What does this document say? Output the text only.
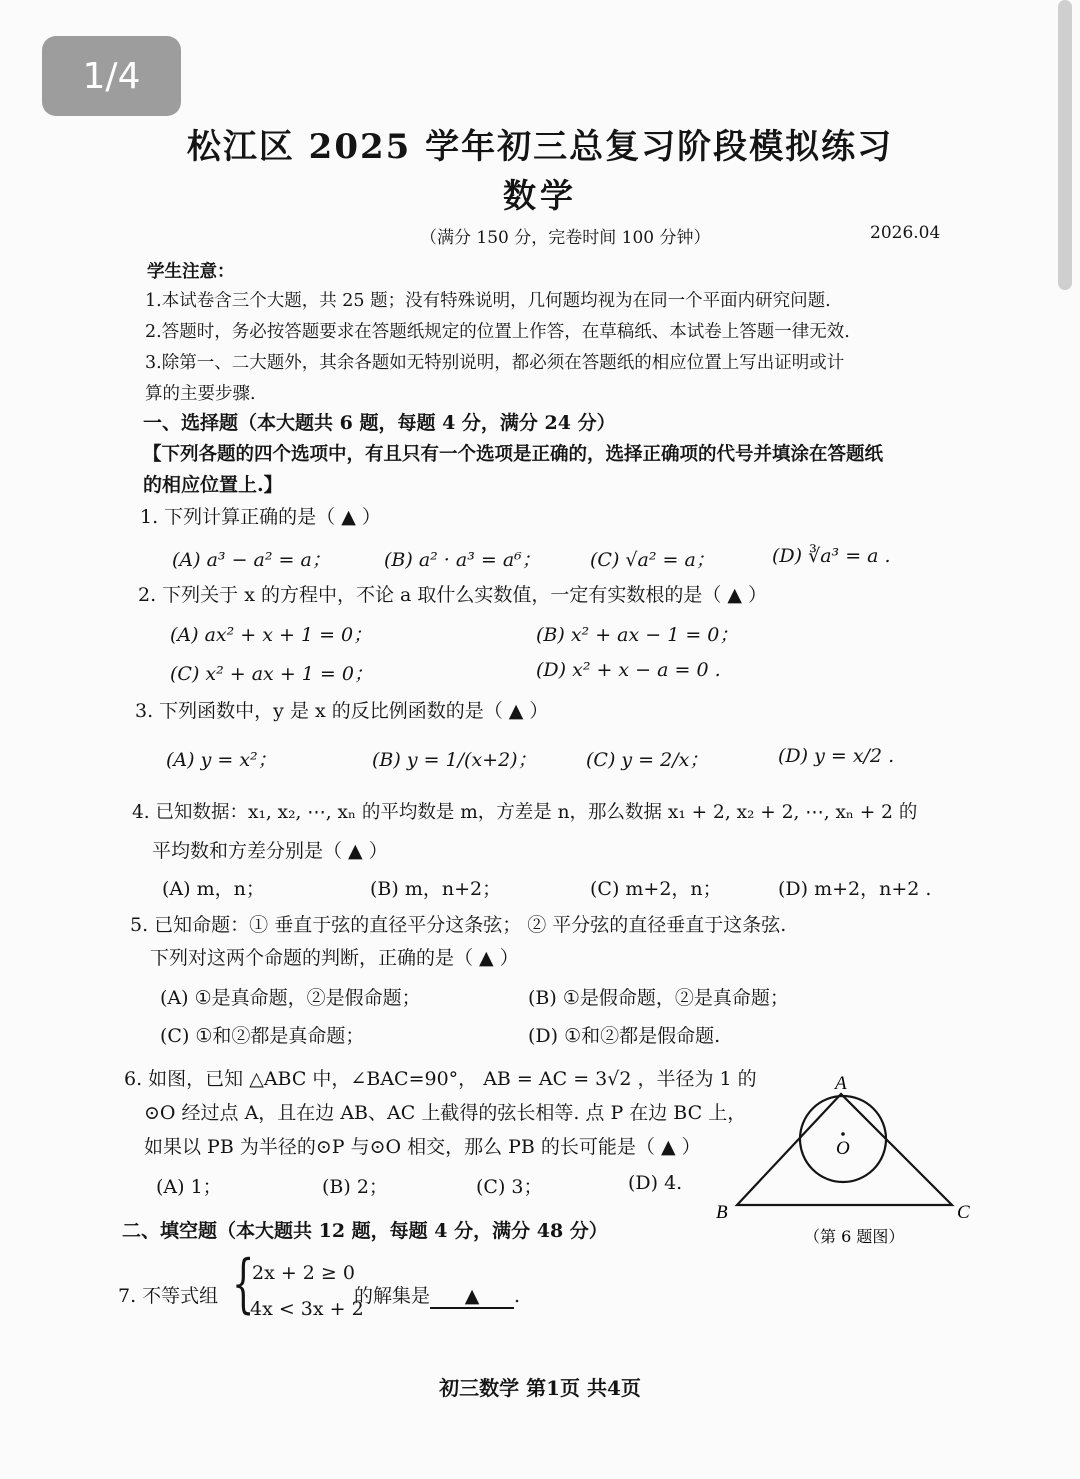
1/4
松江区 2025 学年初三总复习阶段模拟练习
数学
（满分 150 分，完卷时间 100 分钟）	2026.04
学生注意：
1.本试卷含三个大题，共 25 题；没有特殊说明，几何题均视为在同一个平面内研究问题.
2.答题时，务必按答题要求在答题纸规定的位置上作答，在草稿纸、本试卷上答题一律无效.
3.除第一、二大题外，其余各题如无特别说明，都必须在答题纸的相应位置上写出证明或计
算的主要步骤.
一、选择题（本大题共 6 题，每题 4 分，满分 24 分）
【下列各题的四个选项中，有且只有一个选项是正确的，选择正确项的代号并填涂在答题纸
的相应位置上.】
1. 下列计算正确的是（ ▲ ）
(A) a³ − a² = a；	(B) a² · a³ = a⁶；	(C) √a² = a；	(D) ∛a³ = a .
2. 下列关于 x 的方程中，不论 a 取什么实数值，一定有实数根的是（ ▲ ）
(A) ax² + x + 1 = 0；	(B) x² + ax − 1 = 0；
(C) x² + ax + 1 = 0；	(D) x² + x − a = 0 .
3. 下列函数中，y 是 x 的反比例函数的是（ ▲ ）
(A) y = x²；	(B) y = 1/(x+2)；	(C) y = 2/x；	(D) y = x/2 .
4. 已知数据：x₁, x₂, ⋯, xₙ 的平均数是 m，方差是 n，那么数据 x₁ + 2, x₂ + 2, ⋯, xₙ + 2 的
平均数和方差分别是（ ▲ ）
(A) m，n；	(B) m，n+2；	(C) m+2，n；	(D) m+2，n+2 .
5. 已知命题：① 垂直于弦的直径平分这条弦； ② 平分弦的直径垂直于这条弦.
下列对这两个命题的判断，正确的是（ ▲ ）
(A) ①是真命题，②是假命题；	(B) ①是假命题，②是真命题；
(C) ①和②都是真命题；	(D) ①和②都是假命题.
6. 如图，已知 △ABC 中，∠BAC=90°， AB = AC = 3√2 ，半径为 1 的
⊙O 经过点 A，且在边 AB、AC 上截得的弦长相等. 点 P 在边 BC 上，
如果以 PB 为半径的⊙P 与⊙O 相交，那么 PB 的长可能是（ ▲ ）
(A) 1；	(B) 2；	(C) 3；	(D) 4.
A
B	C
O
（第 6 题图）
二、填空题（本大题共 12 题，每题 4 分，满分 48 分）
7. 不等式组 {
2x + 2 ≥ 0
4x < 3x + 2
的解集是 ▲ .
初三数学 第1页 共4页
